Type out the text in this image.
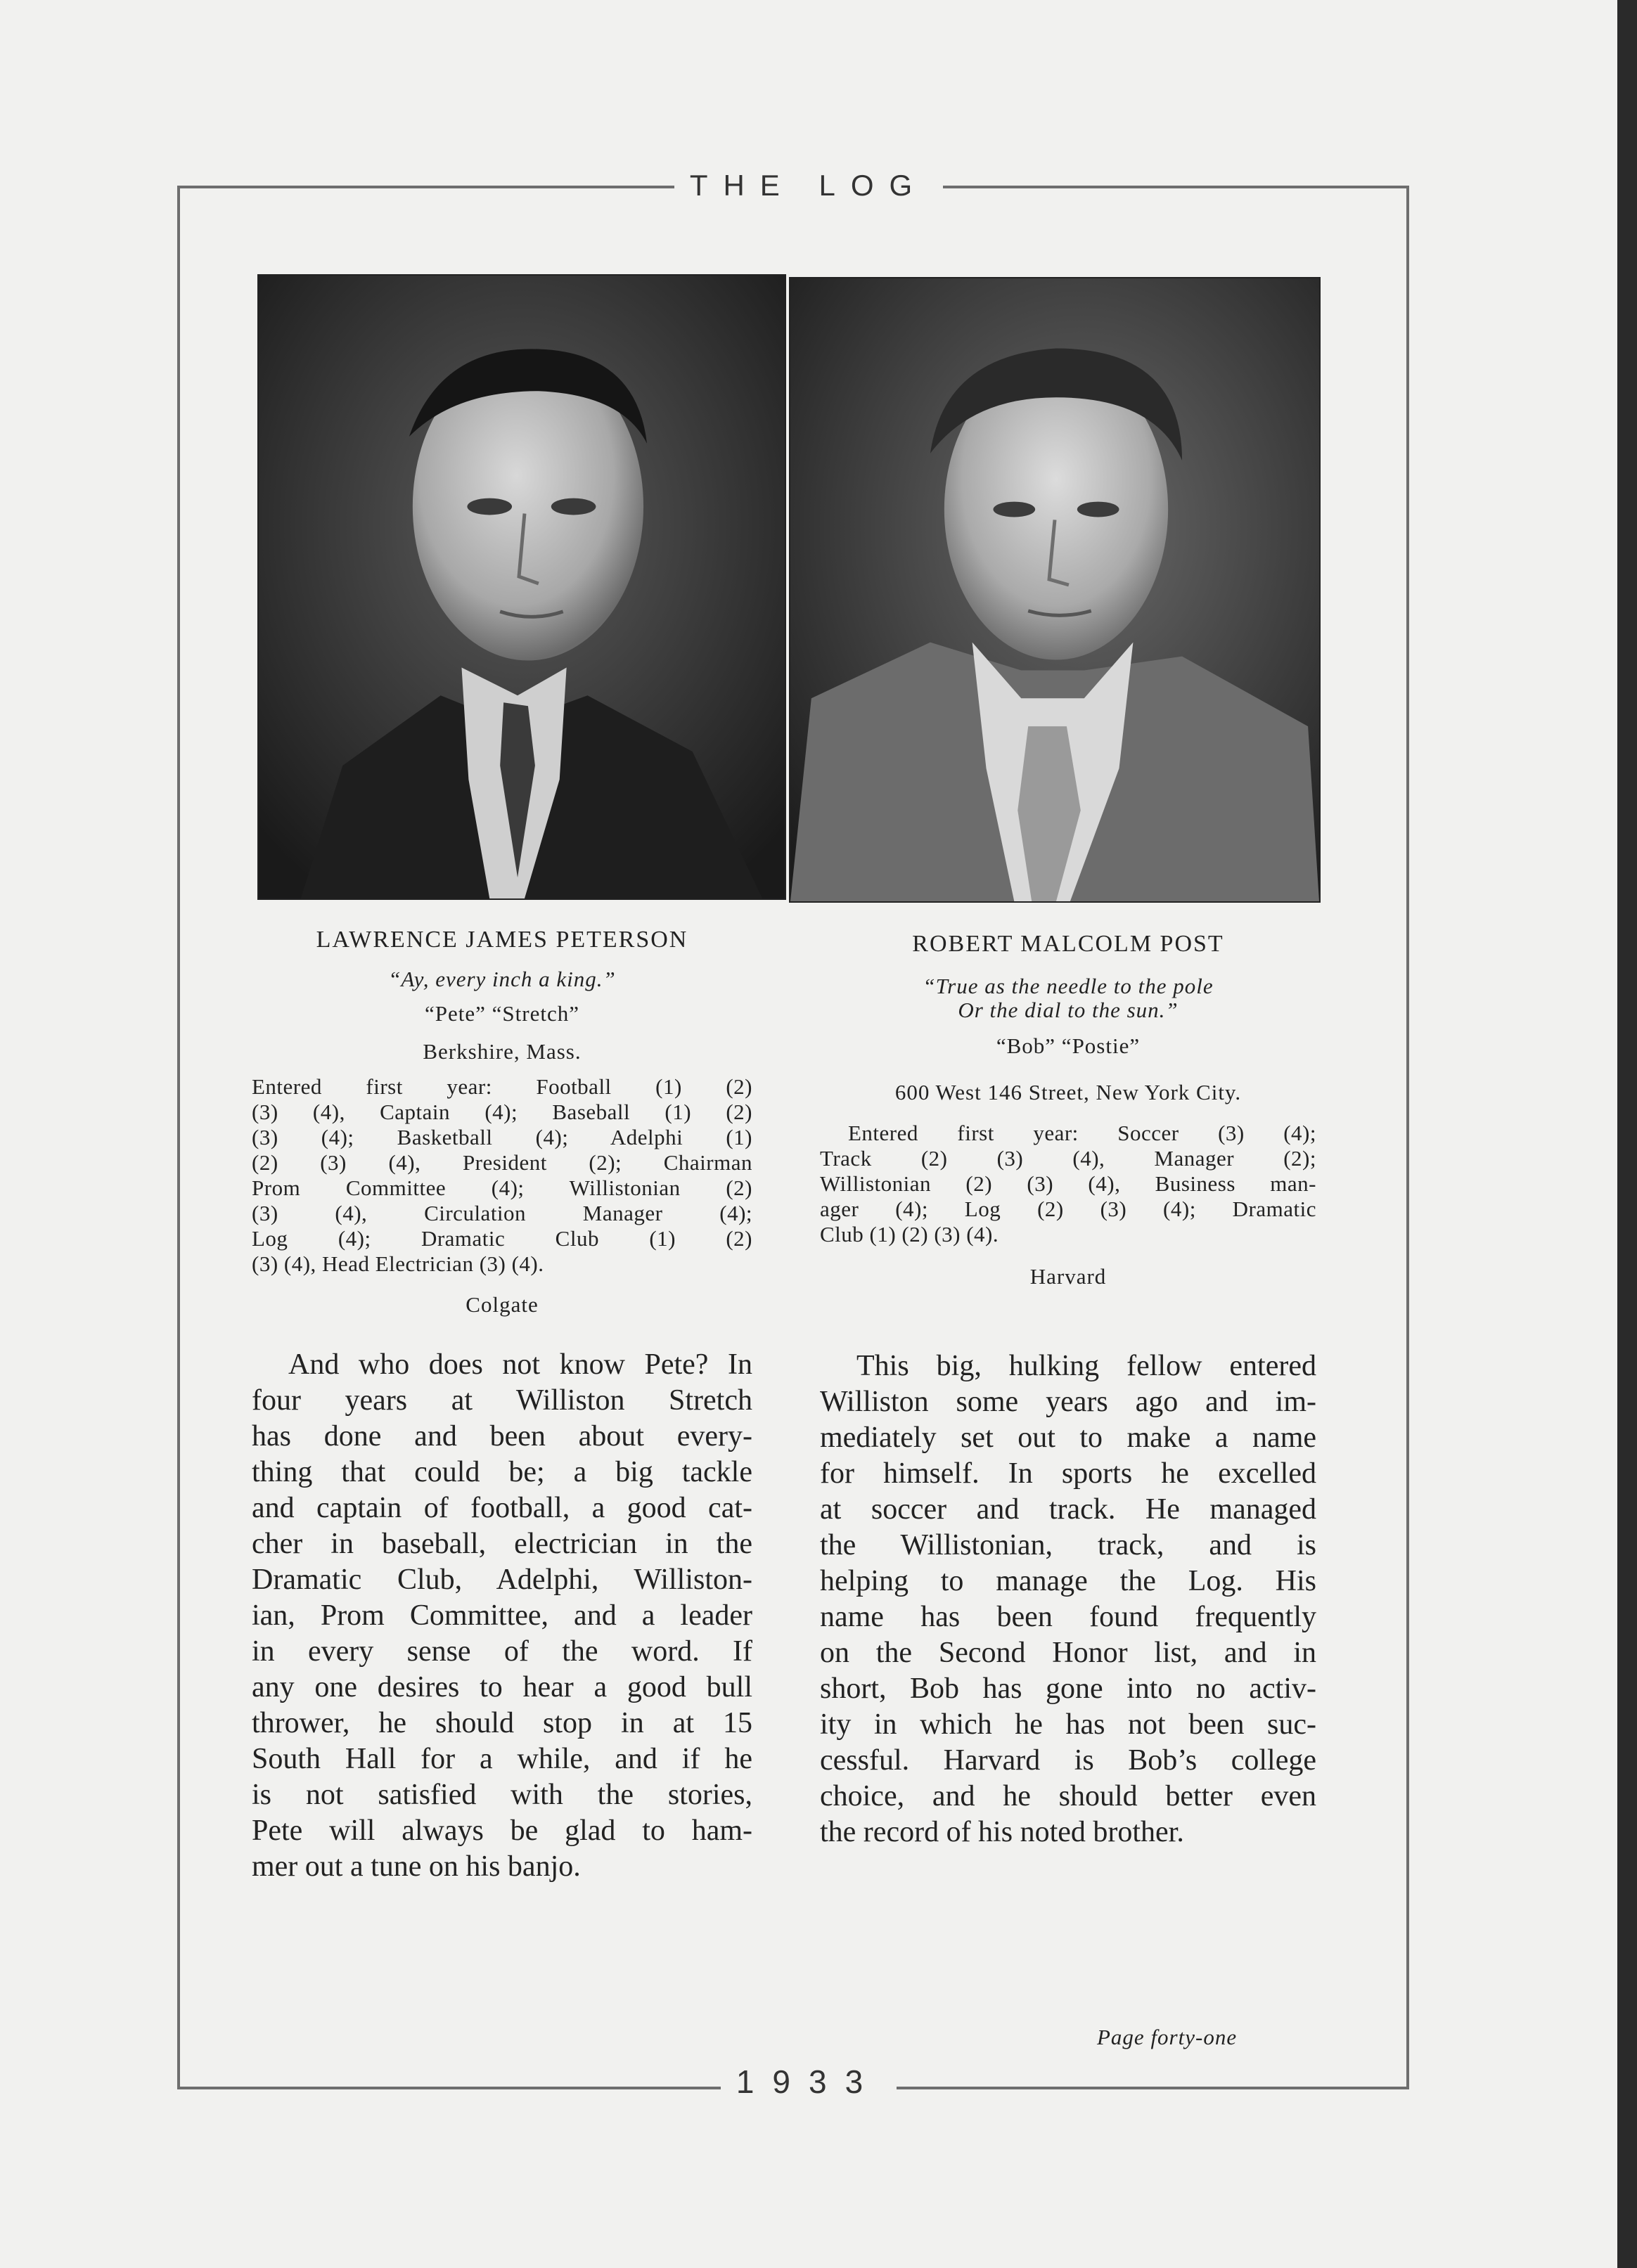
THE LOG
LAWRENCE JAMES PETERSON
“Ay, every inch a king.”
“Pete” “Stretch”
Berkshire, Mass.
Entered first year: Football (1) (2)
(3) (4), Captain (4); Baseball (1) (2)
(3) (4); Basketball (4); Adelphi (1)
(2) (3) (4), President (2); Chairman
Prom Committee (4); Willistonian (2)
(3) (4), Circulation Manager (4);
Log (4); Dramatic Club (1) (2)
(3) (4), Head Electrician (3) (4).
Colgate
And who does not know Pete? In
four years at Williston Stretch
has done and been about every-
thing that could be; a big tackle
and captain of football, a good cat-
cher in baseball, electrician in the
Dramatic Club, Adelphi, Williston-
ian, Prom Committee, and a leader
in every sense of the word. If
any one desires to hear a good bull
thrower, he should stop in at 15
South Hall for a while, and if he
is not satisfied with the stories,
Pete will always be glad to ham-
mer out a tune on his banjo.
ROBERT MALCOLM POST
“True as the needle to the pole
Or the dial to the sun.”
“Bob” “Postie”
600 West 146 Street, New York City.
Entered first year: Soccer (3) (4);
Track (2) (3) (4), Manager (2);
Willistonian (2) (3) (4), Business man-
ager (4); Log (2) (3) (4); Dramatic
Club (1) (2) (3) (4).
Harvard
This big, hulking fellow entered
Williston some years ago and im-
mediately set out to make a name
for himself. In sports he excelled
at soccer and track. He managed
the Willistonian, track, and is
helping to manage the Log. His
name has been found frequently
on the Second Honor list, and in
short, Bob has gone into no activ-
ity in which he has not been suc-
cessful. Harvard is Bob’s college
choice, and he should better even
the record of his noted brother.
Page forty-one
1933
